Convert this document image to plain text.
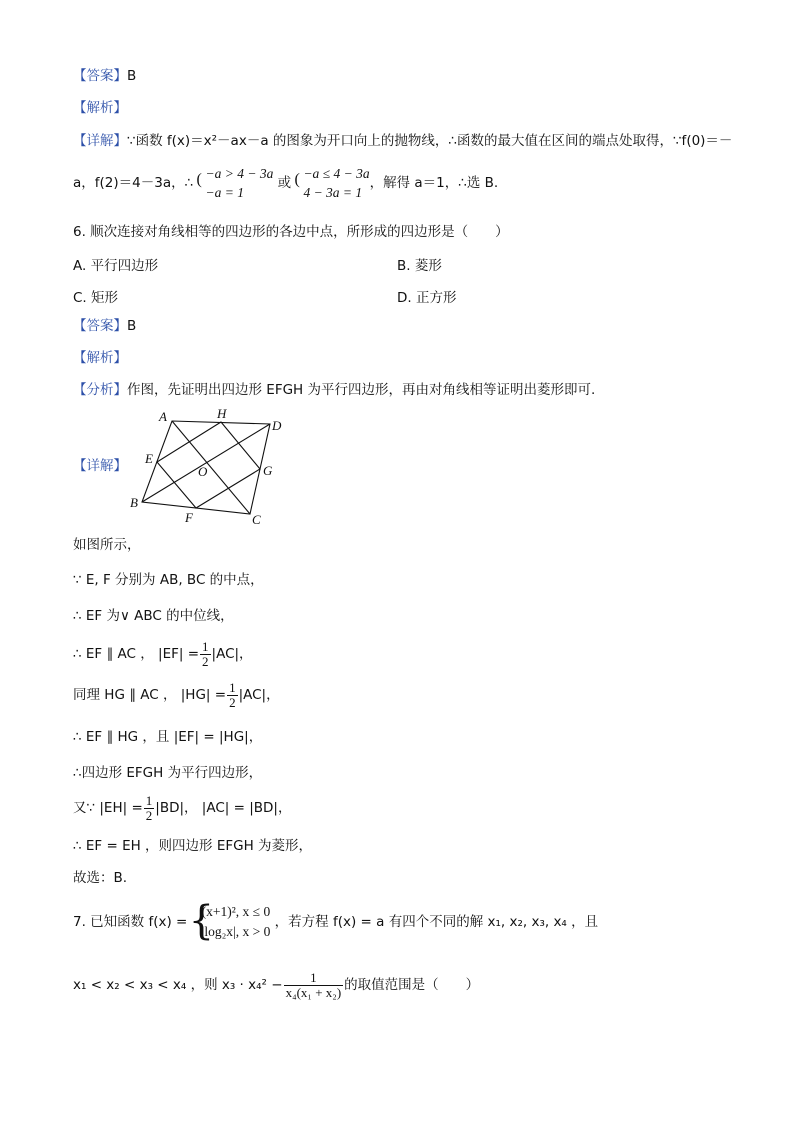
【答案】B
【解析】
【详解】∵函数 f(x)＝x²－ax－a 的图象为开口向上的抛物线，∴函数的最大值在区间的端点处取得，∵f(0)＝－
a，f(2)＝4－3a，∴
( −a > 4 − 3a
−a = 1
或
( −a ≤ 4 − 3a
4 − 3a = 1
，解得 a＝1，∴选 B.
6. 顺次连接对角线相等的四边形的各边中点，所形成的四边形是（　　）
A. 平行四边形	B. 菱形
C. 矩形	D. 正方形
【答案】B
【解析】
【分析】作图，先证明出四边形 EFGH 为平行四边形，再由对角线相等证明出菱形即可.
【详解】
A	H
D
E
O	G
B
F	C
如图所示，
∵ E, F 分别为 AB, BC 的中点，
∴ EF 为∨ ABC 的中位线，
∴ EF ∥ AC ， $|EF| = \frac{1}{2} |AC|$，
同理 HG ∥ AC ， $|HG| = \frac{1}{2} |AC|$，
∴ EF ∥ HG ，且 |EF| = |HG|，
∴四边形 EFGH 为平行四边形，
又∵ $|EH| = \frac{1}{2} |BD|$， |AC| = |BD|，
∴ EF = EH ，则四边形 EFGH 为菱形，
故选：B.
7. 已知函数 f(x) =
{ (x+1)², x ≤ 0
|log₂x|, x > 0
，若方程 f(x) = a 有四个不同的解 x₁, x₂, x₃, x₄ ，且
x₁ < x₂ < x₃ < x₄ ，则 $x_3 \cdot x_4^2 - \frac{1}{\text{x₄(x₁ + x₂)}}$ 的取值范围是（　　）
